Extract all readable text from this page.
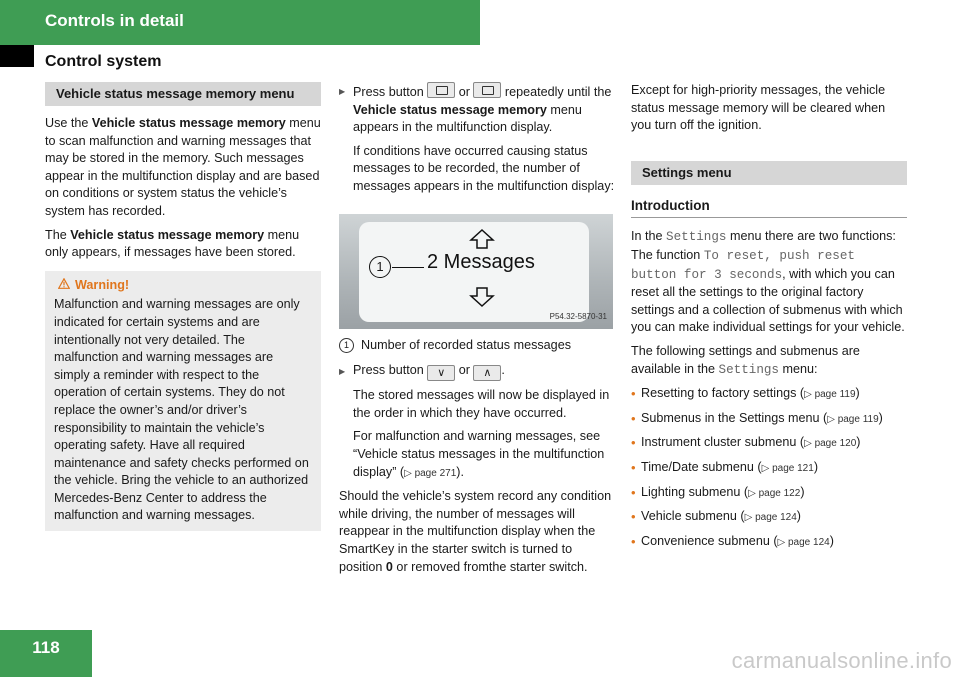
Controls in detail
Control system
Vehicle status message memory menu

Use the Vehicle status message memory menu to scan malfunction and warning messages that may be stored in the memory. Such messages appear in the multifunction display and are based on conditions or system status the vehicle’s system has recorded.

The Vehicle status message memory menu only appears, if messages have been stored.

Warning!
Malfunction and warning messages are only indicated for certain systems and are intentionally not very detailed. The malfunction and warning messages are simply a reminder with respect to the operation of certain systems. They do not replace the owner’s and/or driver’s responsibility to maintain the vehicle’s operating safety. Have all required maintenance and safety checks performed on the vehicle. Bring the vehicle to an authorized Mercedes-Benz Center to address the malfunction and warning messages.
▶ Press button	or	repeatedly until the Vehicle status message memory menu appears in the multifunction display.

If conditions have occurred causing status messages to be recorded, the number of messages appears in the multifunction display:

1	2 Messages
P54.32-5870-31
1 Number of recorded status messages
▶ Press button ∨ or ∧ .

The stored messages will now be displayed in the order in which they have occurred.

For malfunction and warning messages, see “Vehicle status messages in the multifunction display” (▷ page 271).

Should the vehicle’s system record any condition while driving, the number of messages will reappear in the multifunction display when the SmartKey in the starter switch is turned to position 0 or removed fromthe starter switch.

Except for high-priority messages, the vehicle status message memory will be cleared when you turn off the ignition.

Settings menu
Introduction

In the Settings menu there are two functions: The function To reset, push reset button for 3 seconds, with which you can reset all the settings to the original factory settings and a collection of submenus with which you can make individual settings for your vehicle.

The following settings and submenus are available in the Settings menu:

• Resetting to factory settings (▷ page 119)
• Submenus in the Settings menu (▷ page 119)
• Instrument cluster submenu (▷ page 120)
• Time/Date submenu (▷ page 121)
• Lighting submenu (▷ page 122)
• Vehicle submenu (▷ page 124)
• Convenience submenu (▷ page 124)
118
carmanualsonline.info
